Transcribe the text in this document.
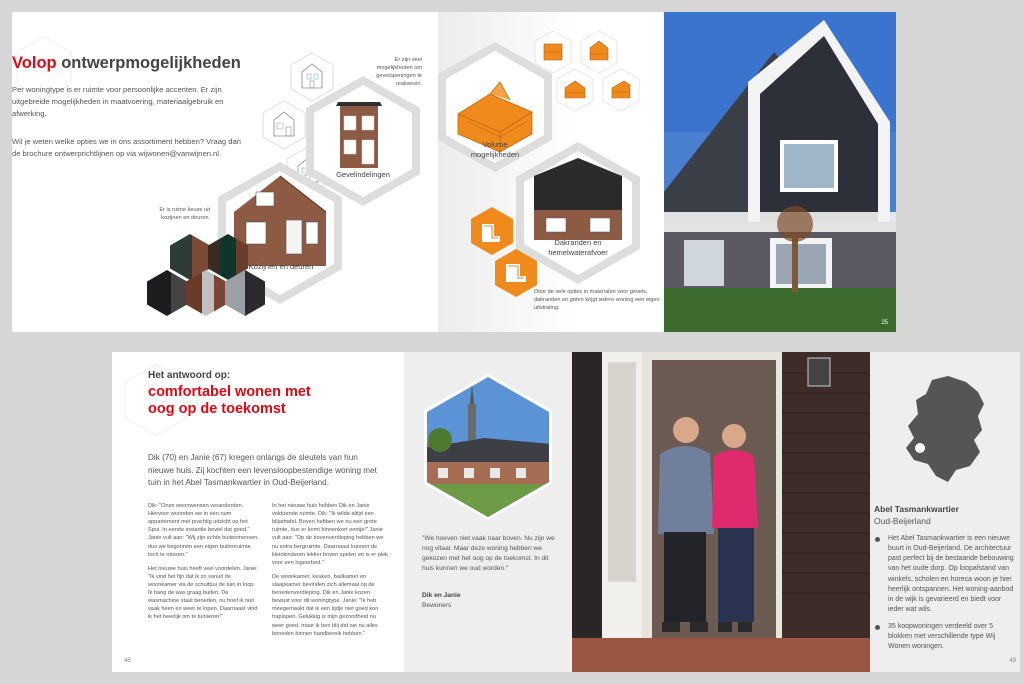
Volop ontwerpmogelijkheden
Per woningtype is er ruimte voor persoonlijke accenten. Er zijn uitgebreide mogelijkheden in maatvoering, materiaalgebruik en afwerking.
Wil je weten welke opties we in ons assortiment hebben? Vraag dan de brochure ontwerprichtlijnen op via wijwonen@vanwijnen.nl.
Er zijn veel mogelijkheden om gevelopeningen te realiseren.
Gevelindelingen
Er is ruime keuze uit kozijnen en deuren.
Kozijnen en deuren
Volume mogelijkheden
Dakranden en hemelwaterafvoer
Door de vele opties in materialen voor gevels, dakranden en goten krijgt iedere woning een eigen uitstraling.
25
Het antwoord op:
comfortabel wonen met
oog op de toekomst
Dik (70) en Janie (67) kregen onlangs de sleutels van hun nieuwe huis. Zij kochten een levensloopbestendige woning met tuin in het Abel Tasmankwartier in Oud-Beijerland.

Dik: "Onze woonwensen veranderden. Hiervoor woonden we in een ruim appartement met prachtig uitzicht op het Spui. In eerste instantie beviel dat goed." Janie vult aan: "Wij zijn echte buitenmensen, dus we begonnen een eigen buitenruimte toch te missen."

Het nieuwe huis heeft veel voordelen. Janie: "Ik vind het fijn dat ik zo vanuit de woonkamer via de schuifpui de tuin in loop. Ik hang de was graag buiten. De wasmachine staat beneden, nu hoef ik niet vaak heen en weer te lopen. Daarnaast vind ik het heerlijk om te tuinieren!"

In het nieuwe huis hebben Dik en Janie voldoende ruimte. Dik: "Ik wilde altijd een biljarttafel. Boven hebben we nu een grote ruimte, dus er komt binnenkort eentje!" Janie vult aan: "Op de bovenverdieping hebben we nu extra bergruimte. Daarnaast kunnen de kleinkinderen lekker boven spelen en is er plek voor een logeerbed."

De woonkamer, keuken, badkamer en slaapkamer bevinden zich allemaal op de benedenverdieping. Dik en Janie kozen bewust voor dit woningtype. Janie: "Ik heb meegemaakt dat ik een tijdje niet goed kon traplopen. Gelukkig is mijn gezondheid nu weer goed, maar ik ben blij dat we nu alles beneden binnen handbereik hebben."

48
"We hoeven niet vaak naar boven. Nu zijn we nog vitaal. Maar deze woning hebben we gekozen met het oog op de toekomst. In dit huis kunnen we oud worden."
Dik en Janie
Bewoners
Abel Tasmankwartier
Oud-Beijerland
Het Abel Tasmankwartier is een nieuwe buurt in Oud-Beijerland. De architectuur past perfect bij de bestaande bebouwing van het oude dorp. Op loopafstand van winkels, scholen en horeca woon je hier heerlijk ontspannen. Het woning-aanbod in de wijk is gevarieerd en biedt voor ieder wat wils.
35 koopwoningen verdeeld over 5 blokken met verschillende type Wij Wonen woningen.
49
